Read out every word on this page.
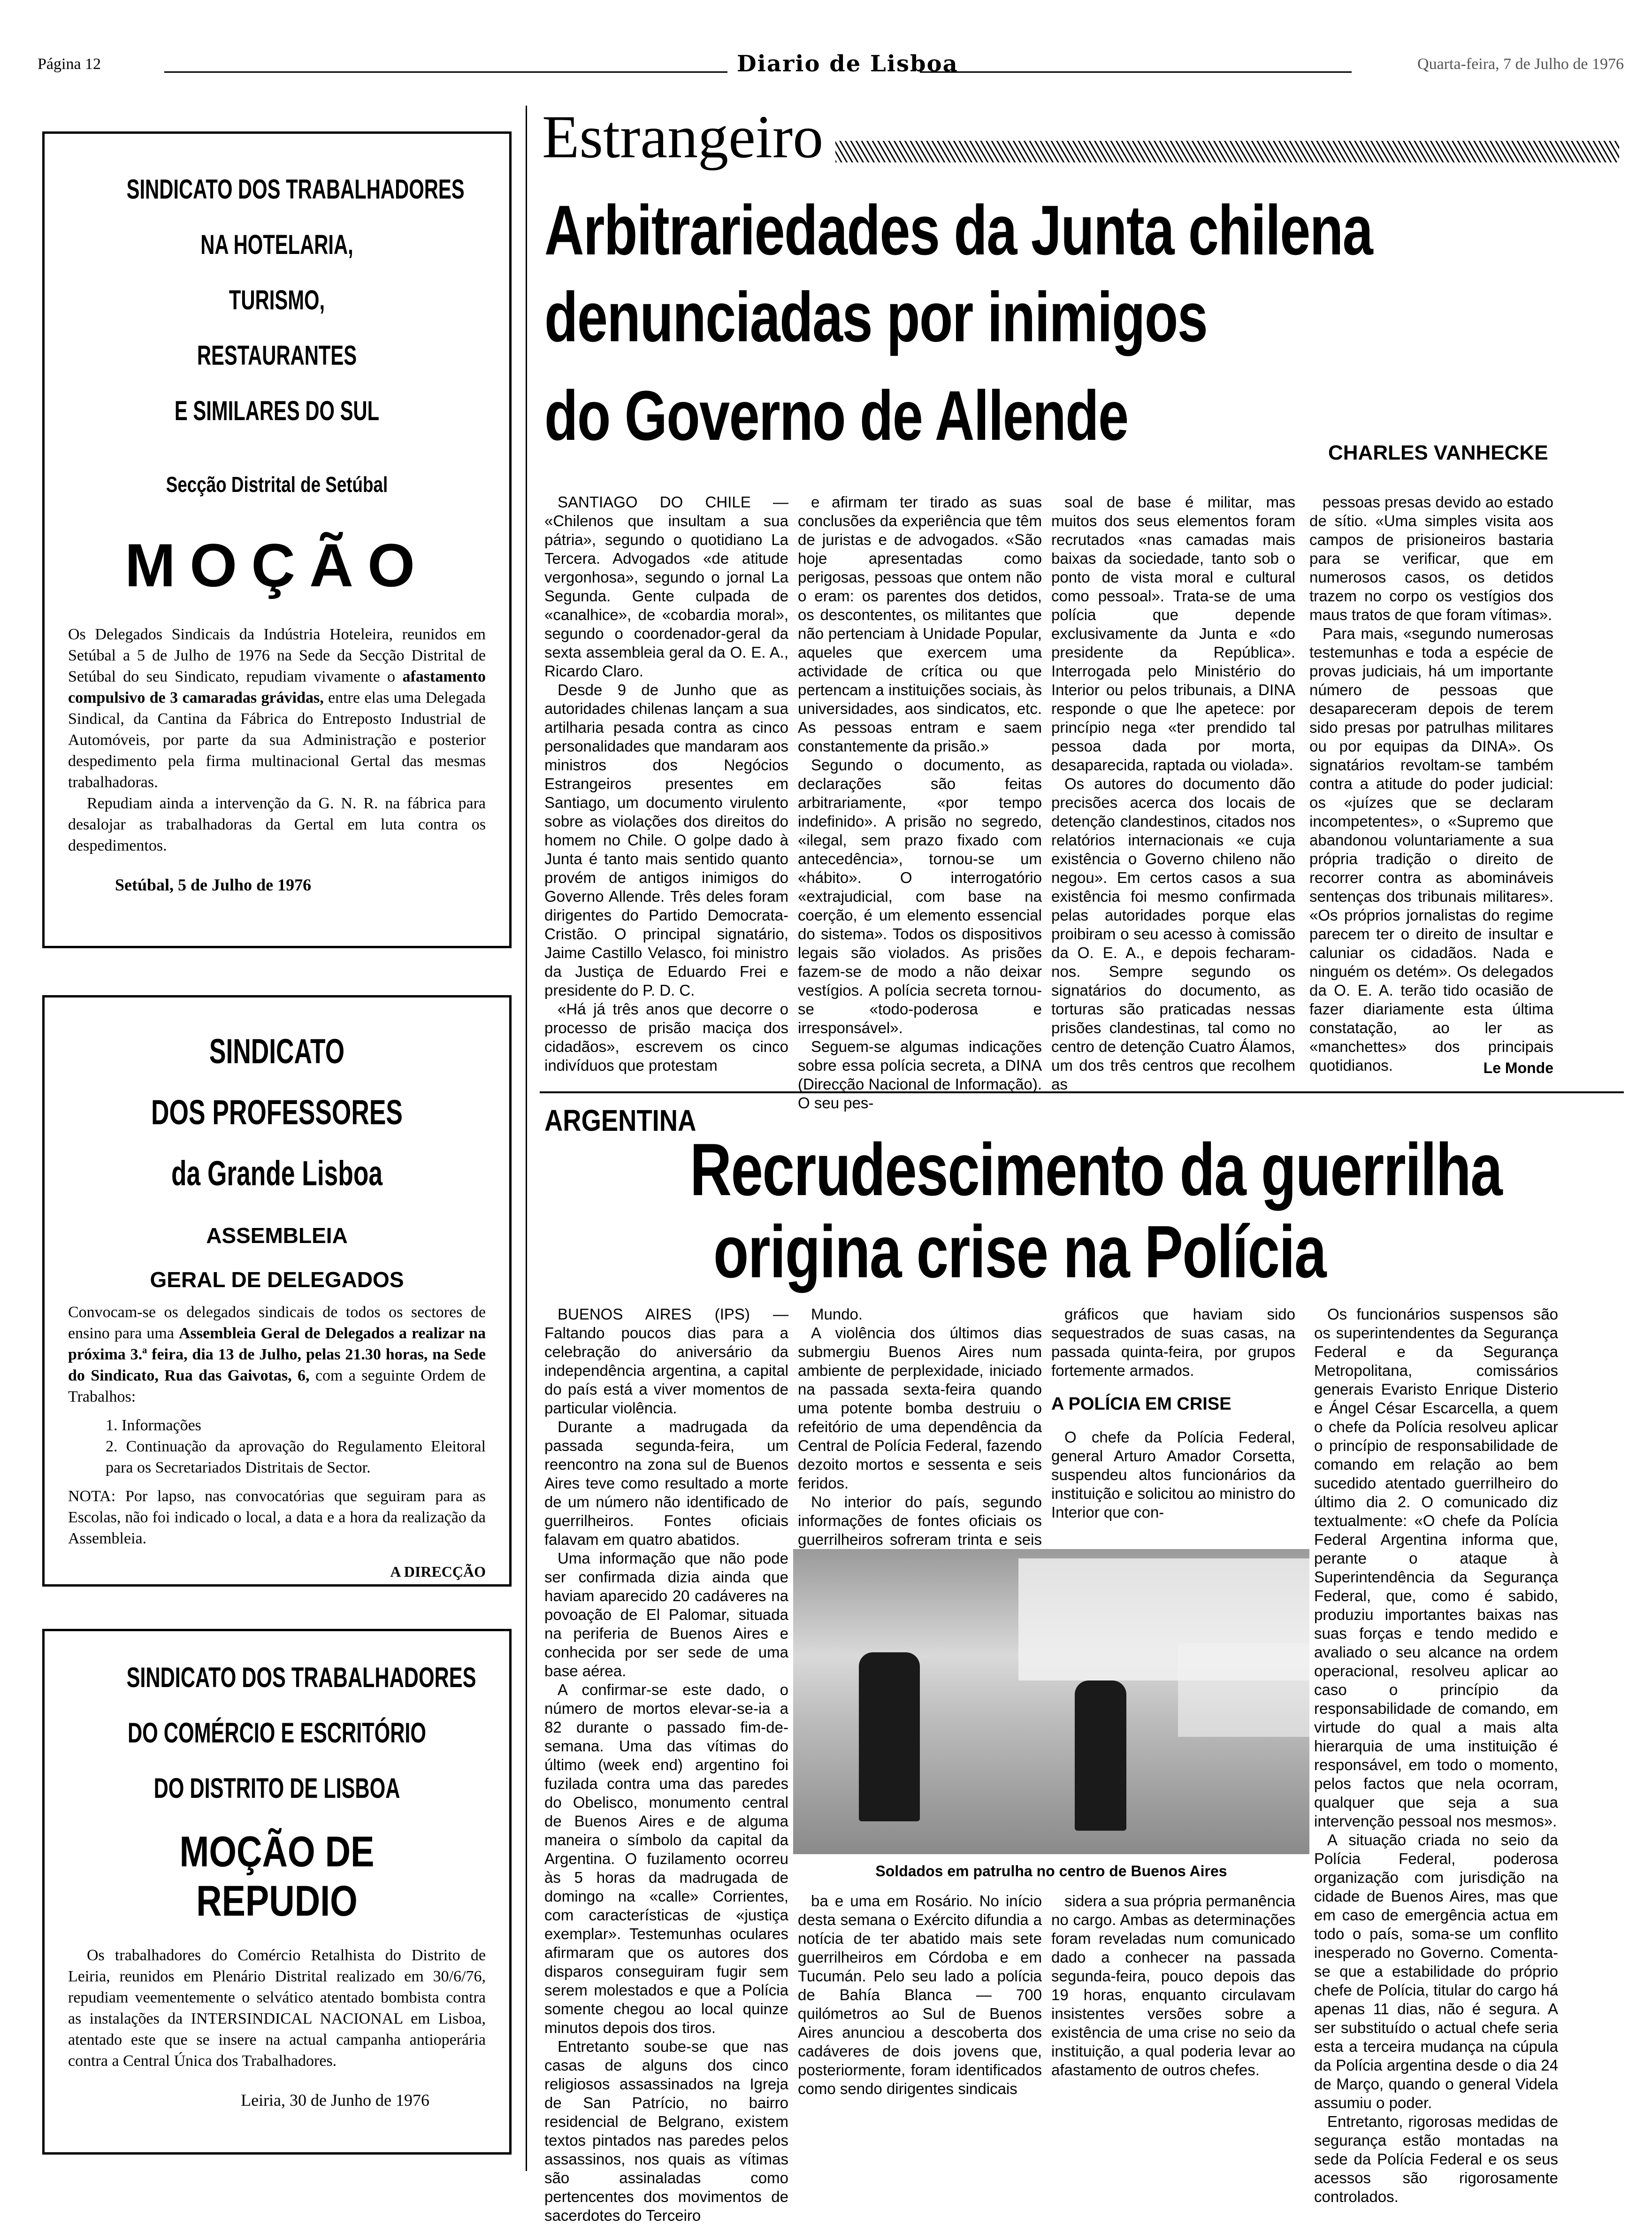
Página 12	Diario de Lisboa	Quarta-feira, 7 de Julho de 1976
SINDICATO DOS TRABALHADORES
NA HOTELARIA,
TURISMO,
RESTAURANTES
E SIMILARES DO SUL
Secção Distrital de Setúbal
MOÇÃO
Os Delegados Sindicais da Indústria Hoteleira, reunidos em Setúbal a 5 de Julho de 1976 na Sede da Secção Distrital de Setúbal do seu Sindicato, repudiam vivamente o afastamento compulsivo de 3 camaradas grávidas, entre elas uma Delegada Sindical, da Cantina da Fábrica do Entreposto Industrial de Automóveis, por parte da sua Administração e posterior despedimento pela firma multinacional Gertal das mesmas trabalhadoras.
Repudiam ainda a intervenção da G. N. R. na fábrica para desalojar as trabalhadoras da Gertal em luta contra os despedimentos.
Setúbal, 5 de Julho de 1976
SINDICATO
DOS PROFESSORES
da Grande Lisboa
ASSEMBLEIA
GERAL DE DELEGADOS
Convocam-se os delegados sindicais de todos os sectores de ensino para uma Assembleia Geral de Delegados a realizar na próxima 3.ª feira, dia 13 de Julho, pelas 21.30 horas, na Sede do Sindicato, Rua das Gaivotas, 6, com a seguinte Ordem de Trabalhos:
1. Informações
2. Continuação da aprovação do Regulamento Eleitoral para os Secretariados Distritais de Sector.
NOTA: Por lapso, nas convocatórias que seguiram para as Escolas, não foi indicado o local, a data e a hora da realização da Assembleia.
A DIRECÇÃO
SINDICATO DOS TRABALHADORES
DO COMÉRCIO E ESCRITÓRIO
DO DISTRITO DE LISBOA
MOÇÃO DE REPUDIO
Os trabalhadores do Comércio Retalhista do Distrito de Leiria, reunidos em Plenário Distrital realizado em 30/6/76, repudiam veementemente o selvático atentado bombista contra as instalações da INTERSINDICAL NACIONAL em Lisboa, atentado este que se insere na actual campanha antioperária contra a Central Única dos Trabalhadores.
Leiria, 30 de Junho de 1976
Estrangeiro
Arbitrariedades da Junta chilena
denunciadas por inimigos
do Governo de Allende	CHARLES VANHECKE

SANTIAGO DO CHILE — «Chilenos que insultam a sua pátria», segundo o quotidiano La Tercera. Advogados «de atitude vergonhosa», segundo o jornal La Segunda. Gente culpada de «canalhice», de «cobardia moral», segundo o coordenador-geral da sexta assembleia geral da O. E. A., Ricardo Claro.

Desde 9 de Junho que as autoridades chilenas lançam a sua artilharia pesada contra as cinco personalidades que mandaram aos ministros dos Negócios Estrangeiros presentes em Santiago, um documento virulento sobre as violações dos direitos do homem no Chile. O golpe dado à Junta é tanto mais sentido quanto provém de antigos inimigos do Governo Allende. Três deles foram dirigentes do Partido Democrata-Cristão. O principal signatário, Jaime Castillo Velasco, foi ministro da Justiça de Eduardo Frei e presidente do P. D. C.

«Há já três anos que decorre o processo de prisão maciça dos cidadãos», escrevem os cinco indivíduos que protestam

e afirmam ter tirado as suas conclusões da experiência que têm de juristas e de advogados. «São hoje apresentadas como perigosas, pessoas que ontem não o eram: os parentes dos detidos, os descontentes, os militantes que não pertenciam à Unidade Popular, aqueles que exercem uma actividade de crítica ou que pertencam a instituições sociais, às universidades, aos sindicatos, etc. As pessoas entram e saem constantemente da prisão.»

Segundo o documento, as declarações são feitas arbitrariamente, «por tempo indefinido». A prisão no segredo, «ilegal, sem prazo fixado com antecedência», tornou-se um «hábito». O interrogatório «extrajudicial, com base na coerção, é um elemento essencial do sistema». Todos os dispositivos legais são violados. As prisões fazem-se de modo a não deixar vestígios. A polícia secreta tornou-se «todo-poderosa e irresponsável».

Seguem-se algumas indicações sobre essa polícia secreta, a DINA (Direcção Nacional de Informação). O seu pes-

soal de base é militar, mas muitos dos seus elementos foram recrutados «nas camadas mais baixas da sociedade, tanto sob o ponto de vista moral e cultural como pessoal». Trata-se de uma polícia que depende exclusivamente da Junta e «do presidente da República». Interrogada pelo Ministério do Interior ou pelos tribunais, a DINA responde o que lhe apetece: por princípio nega «ter prendido tal pessoa dada por morta, desaparecida, raptada ou violada».

Os autores do documento dão precisões acerca dos locais de detenção clandestinos, citados nos relatórios internacionais «e cuja existência o Governo chileno não negou». Em certos casos a sua existência foi mesmo confirmada pelas autoridades porque elas proibiram o seu acesso à comissão da O. E. A., e depois fecharam-nos. Sempre segundo os signatários do documento, as torturas são praticadas nessas prisões clandestinas, tal como no centro de detenção Cuatro Álamos, um dos três centros que recolhem as

pessoas presas devido ao estado de sítio. «Uma simples visita aos campos de prisioneiros bastaria para se verificar, que em numerosos casos, os detidos trazem no corpo os vestígios dos maus tratos de que foram vítimas».

Para mais, «segundo numerosas testemunhas e toda a espécie de provas judiciais, há um importante número de pessoas que desapareceram depois de terem sido presas por patrulhas militares ou por equipas da DINA». Os signatários revoltam-se também contra a atitude do poder judicial: os «juízes que se declaram incompetentes», o «Supremo que abandonou voluntariamente a sua própria tradição o direito de recorrer contra as abomináveis sentenças dos tribunais militares». «Os próprios jornalistas do regime parecem ter o direito de insultar e caluniar os cidadãos. Nada e ninguém os detém». Os delegados da O. E. A. terão tido ocasião de fazer diariamente esta última constatação, ao ler as «manchettes» dos principais quotidianos.	Le Monde
ARGENTINA
Recrudescimento da guerrilha
origina crise na Polícia

BUENOS AIRES (IPS) — Faltando poucos dias para a celebração do aniversário da independência argentina, a capital do país está a viver momentos de particular violência.

Durante a madrugada da passada segunda-feira, um reencontro na zona sul de Buenos Aires teve como resultado a morte de um número não identificado de guerrilheiros. Fontes oficiais falavam em quatro abatidos.

Uma informação que não pode ser confirmada dizia ainda que haviam aparecido 20 cadáveres na povoação de El Palomar, situada na periferia de Buenos Aires e conhecida por ser sede de uma base aérea.

A confirmar-se este dado, o número de mortos elevar-se-ia a 82 durante o passado fim-de-semana. Uma das vítimas do último (week end) argentino foi fuzilada contra uma das paredes do Obelisco, monumento central de Buenos Aires e de alguma maneira o símbolo da capital da Argentina. O fuzilamento ocorreu às 5 horas da madrugada de domingo na «calle» Corrientes, com características de «justiça exemplar». Testemunhas oculares afirmaram que os autores dos disparos conseguiram fugir sem serem molestados e que a Polícia somente chegou ao local quinze minutos depois dos tiros.

Entretanto soube-se que nas casas de alguns dos cinco religiosos assassinados na Igreja de San Patrício, no bairro residencial de Belgrano, existem textos pintados nas paredes pelos assassinos, nos quais as vítimas são assinaladas como pertencentes dos movimentos de sacerdotes do Terceiro

Mundo.

A violência dos últimos dias submergiu Buenos Aires num ambiente de perplexidade, iniciado na passada sexta-feira quando uma potente bomba destruiu o refeitório de uma dependência da Central de Polícia Federal, fazendo dezoito mortos e sessenta e seis feridos.

No interior do país, segundo informações de fontes oficiais os guerrilheiros sofreram trinta e seis

gráficos que haviam sido sequestrados de suas casas, na passada quinta-feira, por grupos fortemente armados.

A POLÍCIA EM CRISE

O chefe da Polícia Federal, general Arturo Amador Corsetta, suspendeu altos funcionários da instituição e solicitou ao ministro do Interior que con-

Os funcionários suspensos são os superintendentes da Segurança Federal e da Segurança Metropolitana, comissários generais Evaristo Enrique Disterio e Ángel César Escarcella, a quem o chefe da Polícia resolveu aplicar o princípio de responsabilidade de comando em relação ao bem sucedido atentado guerrilheiro do último dia 2. O comunicado diz textualmente: «O chefe da Polícia Federal Argentina informa que, perante o ataque à Superintendência da Segurança Federal, que, como é sabido, produziu importantes baixas nas suas forças e tendo medido e avaliado o seu alcance na ordem operacional, resolveu aplicar ao caso o princípio da responsabilidade de comando, em virtude do qual a mais alta hierarquia de uma instituição é responsável, em todo o momento, pelos factos que nela ocorram, qualquer que seja a sua intervenção pessoal nos mesmos».

A situação criada no seio da Polícia Federal, poderosa organização com jurisdição na cidade de Buenos Aires, mas que em caso de emergência actua em todo o país, soma-se um conflito inesperado no Governo. Comenta-se que a estabilidade do próprio chefe de Polícia, titular do cargo há apenas 11 dias, não é segura. A ser substituído o actual chefe seria esta a terceira mudança na cúpula da Polícia argentina desde o dia 24 de Março, quando o general Videla assumiu o poder.

Entretanto, rigorosas medidas de segurança estão montadas na sede da Polícia Federal e os seus acessos são rigorosamente controlados.

Soldados em patrulha no centro de Buenos Aires

ba e uma em Rosário. No início desta semana o Exército difundia a notícia de ter abatido mais sete guerrilheiros em Córdoba e em Tucumán. Pelo seu lado a polícia de Bahía Blanca — 700 quilómetros ao Sul de Buenos Aires anunciou a descoberta dos cadáveres de dois jovens que, posteriormente, foram identificados como sendo dirigentes sindicais

sidera a sua própria permanência no cargo. Ambas as determinações foram reveladas num comunicado dado a conhecer na passada segunda-feira, pouco depois das 19 horas, enquanto circulavam insistentes versões sobre a existência de uma crise no seio da instituição, a qual poderia levar ao afastamento de outros chefes.
